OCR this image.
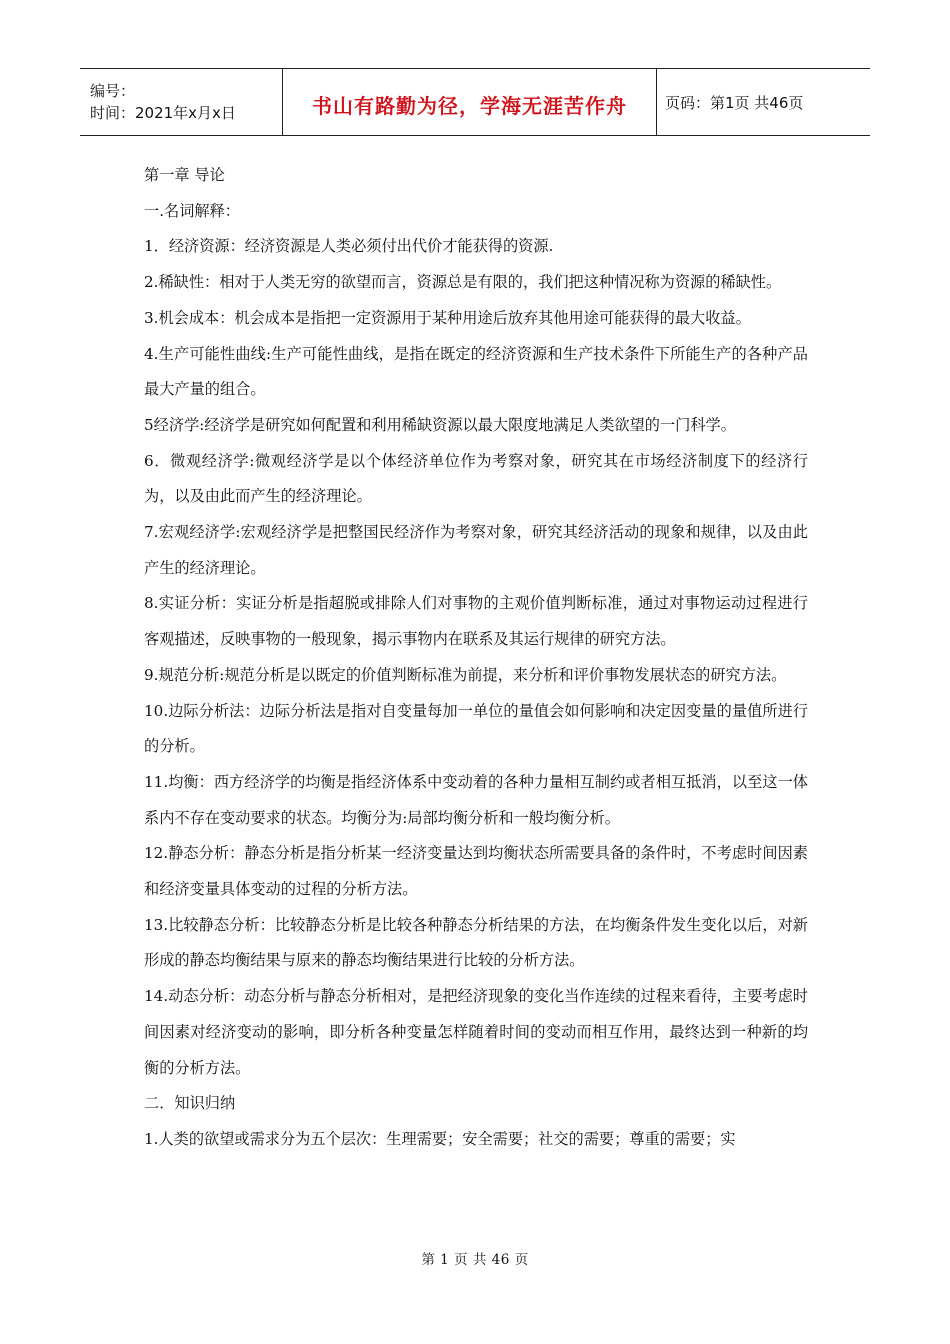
编号：
时间：2021年x月x日	书山有路勤为径，学海无涯苦作舟	页码：第1页 共46页

第一章 导论

一.名词解释：

1．经济资源：经济资源是人类必须付出代价才能获得的资源.

2.稀缺性：相对于人类无穷的欲望而言，资源总是有限的，我们把这种情况称为资源的稀缺性。

3.机会成本：机会成本是指把一定资源用于某种用途后放弃其他用途可能获得的最大收益。

4.生产可能性曲线:生产可能性曲线，是指在既定的经济资源和生产技术条件下所能生产的各种产品最大产量的组合。

5经济学:经济学是研究如何配置和利用稀缺资源以最大限度地满足人类欲望的一门科学。

6．微观经济学:微观经济学是以个体经济单位作为考察对象，研究其在市场经济制度下的经济行为，以及由此而产生的经济理论。

7.宏观经济学:宏观经济学是把整国民经济作为考察对象，研究其经济活动的现象和规律，以及由此产生的经济理论。

8.实证分析：实证分析是指超脱或排除人们对事物的主观价值判断标准，通过对事物运动过程进行客观描述，反映事物的一般现象，揭示事物内在联系及其运行规律的研究方法。

9.规范分析:规范分析是以既定的价值判断标准为前提，来分析和评价事物发展状态的研究方法。

10.边际分析法：边际分析法是指对自变量每加一单位的量值会如何影响和决定因变量的量值所进行的分析。

11.均衡：西方经济学的均衡是指经济体系中变动着的各种力量相互制约或者相互抵消，以至这一体系内不存在变动要求的状态。均衡分为:局部均衡分析和一般均衡分析。

12.静态分析：静态分析是指分析某一经济变量达到均衡状态所需要具备的条件时，不考虑时间因素和经济变量具体变动的过程的分析方法。

13.比较静态分析：比较静态分析是比较各种静态分析结果的方法，在均衡条件发生变化以后，对新形成的静态均衡结果与原来的静态均衡结果进行比较的分析方法。

14.动态分析：动态分析与静态分析相对，是把经济现象的变化当作连续的过程来看待，主要考虑时间因素对经济变动的影响，即分析各种变量怎样随着时间的变动而相互作用，最终达到一种新的均衡的分析方法。

二．知识归纳

1.人类的欲望或需求分为五个层次：生理需要；安全需要；社交的需要；尊重的需要；实

第 1 页 共 46 页
